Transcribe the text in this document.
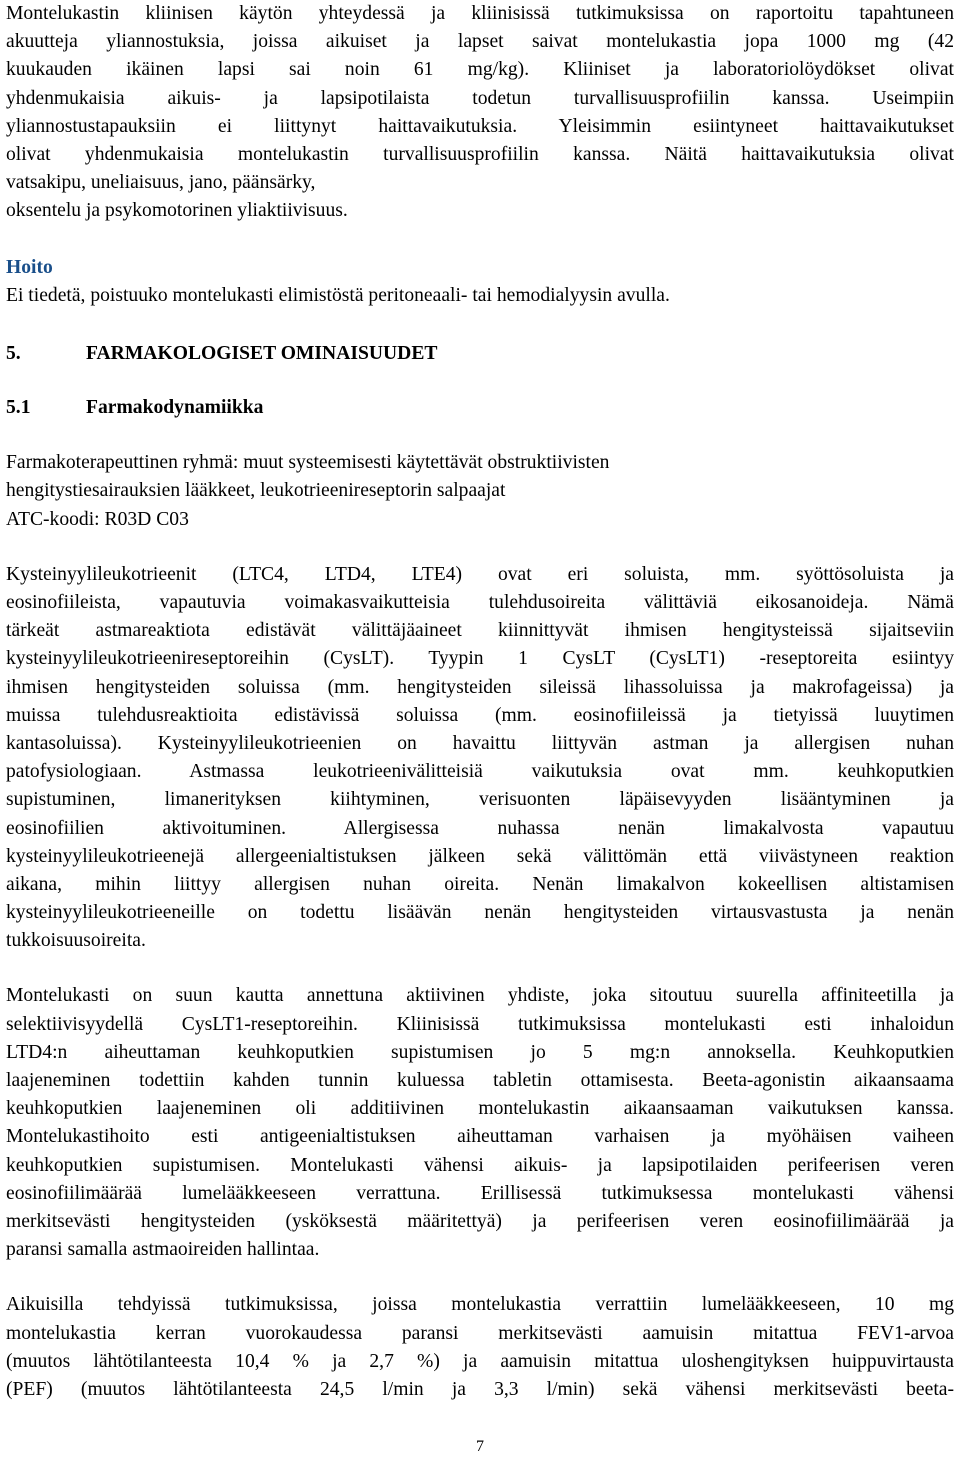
Montelukastin kliinisen käytön yhteydessä ja kliinisissä tutkimuksissa on raportoitu tapahtuneen
akuutteja yliannostuksia, joissa aikuiset ja lapset saivat montelukastia jopa 1000 mg (42
kuukauden ikäinen lapsi sai noin 61 mg/kg). Kliiniset ja laboratoriolöydökset olivat
yhdenmukaisia aikuis- ja lapsipotilaista todetun turvallisuusprofiilin kanssa. Useimpiin
yliannostustapauksiin ei liittynyt haittavaikutuksia. Yleisimmin esiintyneet haittavaikutukset
olivat yhdenmukaisia montelukastin turvallisuusprofiilin kanssa. Näitä haittavaikutuksia olivat
vatsakipu, uneliaisuus, jano, päänsärky,
oksentelu ja psykomotorinen yliaktiivisuus.
Hoito
Ei tiedetä, poistuuko montelukasti elimistöstä peritoneaali- tai hemodialyysin avulla.
5.	FARMAKOLOGISET OMINAISUUDET
5.1	Farmakodynamiikka
Farmakoterapeuttinen ryhmä: muut systeemisesti käytettävät obstruktiivisten
hengitystiesairauksien lääkkeet, leukotrieenireseptorin salpaajat
ATC-koodi: R03D C03
Kysteinyylileukotrieenit (LTC4, LTD4, LTE4) ovat eri soluista, mm. syöttösoluista ja
eosinofiileista, vapautuvia voimakasvaikutteisia tulehdusoireita välittäviä eikosanoideja. Nämä
tärkeät astmareaktiota edistävät välittäjäaineet kiinnittyvät ihmisen hengitysteissä sijaitseviin
kysteinyylileukotrieenireseptoreihin (CysLT). Tyypin 1 CysLT (CysLT1) -reseptoreita esiintyy
ihmisen hengitysteiden soluissa (mm. hengitysteiden sileissä lihassoluissa ja makrofageissa) ja
muissa tulehdusreaktioita edistävissä soluissa (mm. eosinofiileissä ja tietyissä luuytimen
kantasoluissa). Kysteinyylileukotrieenien on havaittu liittyvän astman ja allergisen nuhan
patofysiologiaan. Astmassa leukotrieenivälitteisiä vaikutuksia ovat mm. keuhkoputkien
supistuminen, limanerityksen kiihtyminen, verisuonten läpäisevyyden lisääntyminen ja
eosinofiilien aktivoituminen. Allergisessa nuhassa nenän limakalvosta vapautuu
kysteinyylileukotrieenejä allergeenialtistuksen jälkeen sekä välittömän että viivästyneen reaktion
aikana, mihin liittyy allergisen nuhan oireita. Nenän limakalvon kokeellisen altistamisen
kysteinyylileukotrieeneille on todettu lisäävän nenän hengitysteiden virtausvastusta ja nenän
tukkoisuusoireita.
Montelukasti on suun kautta annettuna aktiivinen yhdiste, joka sitoutuu suurella affiniteetilla ja
selektiivisyydellä CysLT1-reseptoreihin. Kliinisissä tutkimuksissa montelukasti esti inhaloidun
LTD4:n aiheuttaman keuhkoputkien supistumisen jo 5 mg:n annoksella. Keuhkoputkien
laajeneminen todettiin kahden tunnin kuluessa tabletin ottamisesta. Beeta-agonistin aikaansaama
keuhkoputkien laajeneminen oli additiivinen montelukastin aikaansaaman vaikutuksen kanssa.
Montelukastihoito esti antigeenialtistuksen aiheuttaman varhaisen ja myöhäisen vaiheen
keuhkoputkien supistumisen. Montelukasti vähensi aikuis- ja lapsipotilaiden perifeerisen veren
eosinofiilimäärää lumelääkkeeseen verrattuna. Erillisessä tutkimuksessa montelukasti vähensi
merkitsevästi hengitysteiden (ysköksestä määritettyä) ja perifeerisen veren eosinofiilimäärää ja
paransi samalla astmaoireiden hallintaa.
Aikuisilla tehdyissä tutkimuksissa, joissa montelukastia verrattiin lumelääkkeeseen, 10 mg
montelukastia kerran vuorokaudessa paransi merkitsevästi aamuisin mitattua FEV1-arvoa
(muutos lähtötilanteesta 10,4 % ja 2,7 %) ja aamuisin mitattua uloshengityksen huippuvirtausta
(PEF) (muutos lähtötilanteesta 24,5 l/min ja 3,3 l/min) sekä vähensi merkitsevästi beeta-
7
